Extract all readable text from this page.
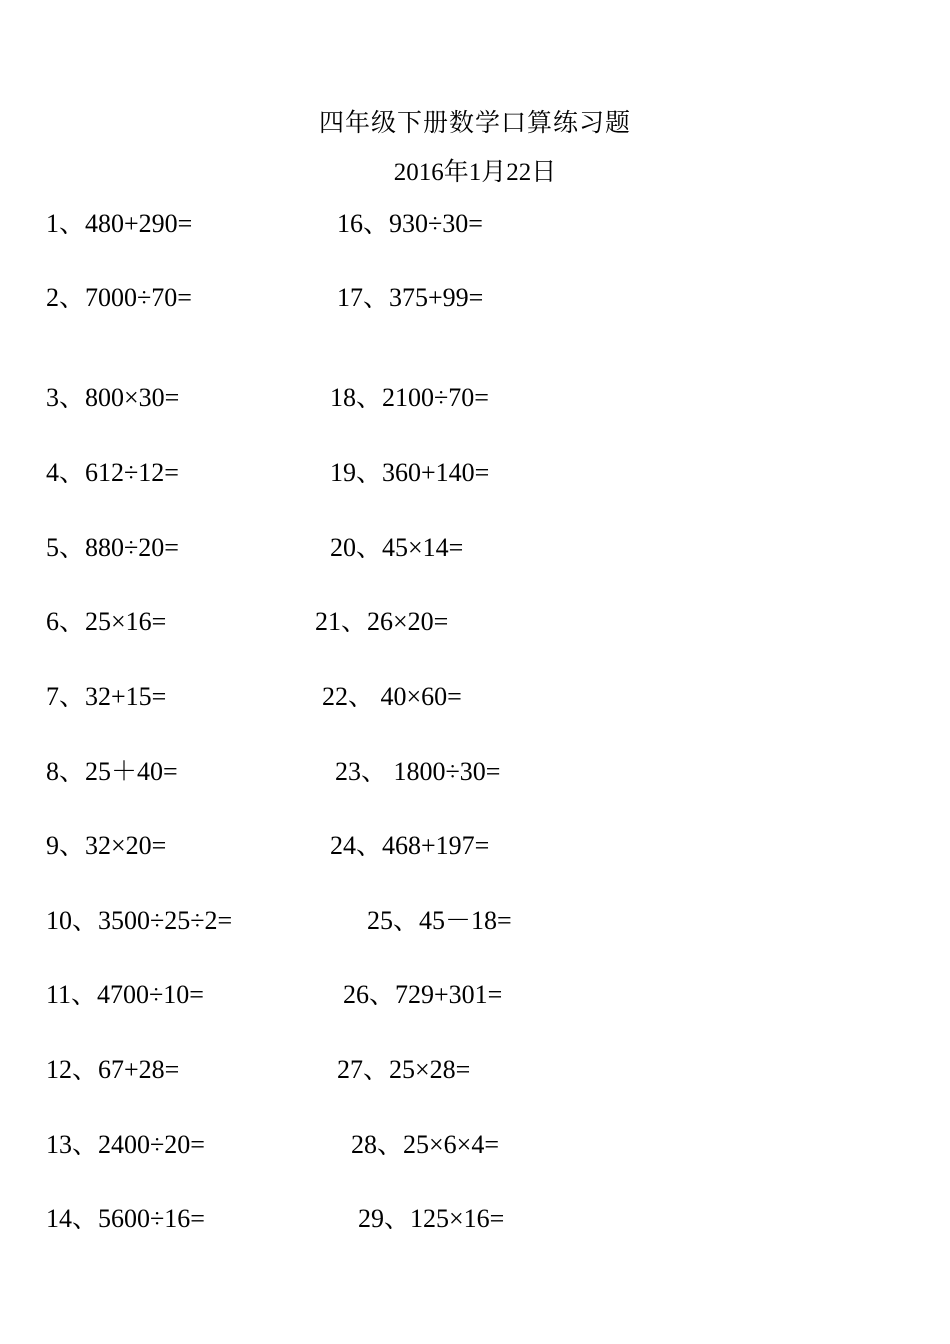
四年级下册数学口算练习题
2016年1月22日
1、480+290=
2、7000÷70=
3、800×30=
4、612÷12=
5、880÷20=
6、25×16=
7、32+15=
8、25＋40=
9、32×20=
10、3500÷25÷2=
11、4700÷10=
12、67+28=
13、2400÷20=
14、5600÷16=
16、930÷30=
17、375+99=
18、2100÷70=
19、360+140=
20、45×14=
21、26×20=
22、 40×60=
23、 1800÷30=
24、468+197=
25、45－18=
26、729+301=
27、25×28=
28、25×6×4=
29、125×16=
